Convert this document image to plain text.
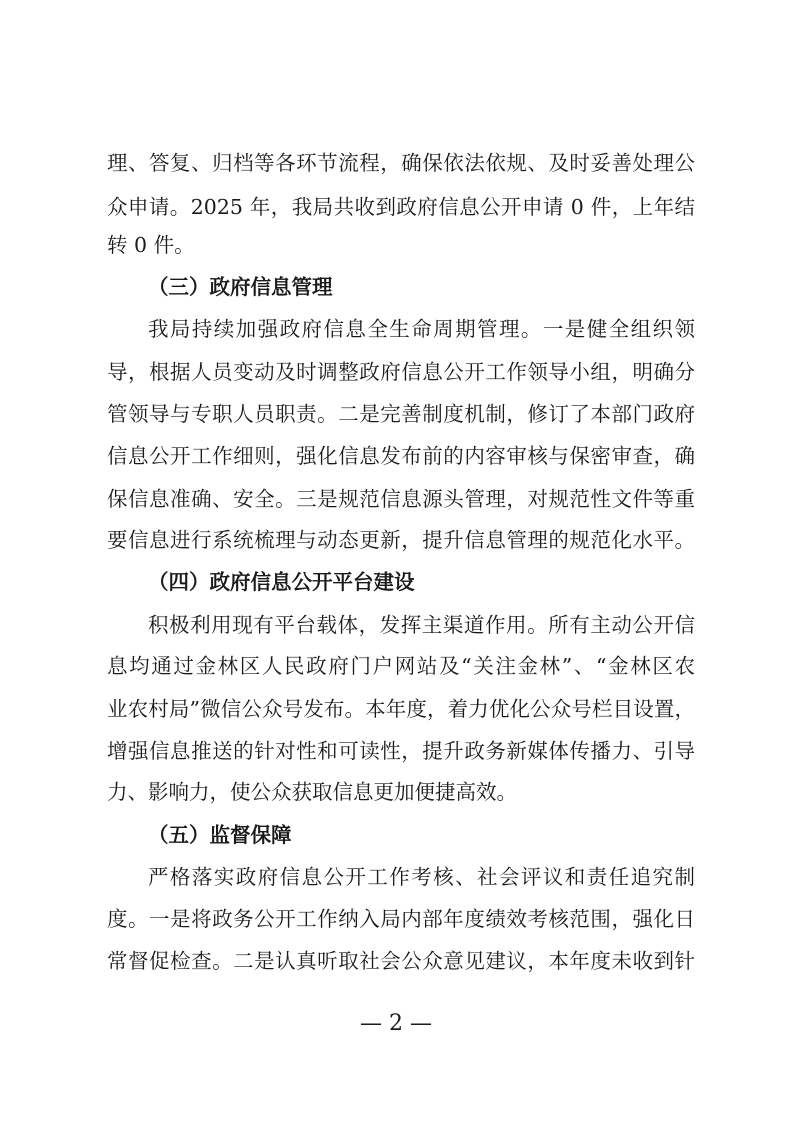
理、答复、归档等各环节流程，确保依法依规、及时妥善处理公
众申请。2025 年，我局共收到政府信息公开申请 0 件，上年结
转 0 件。
（三）政府信息管理
我局持续加强政府信息全生命周期管理。一是健全组织领
导，根据人员变动及时调整政府信息公开工作领导小组，明确分
管领导与专职人员职责。二是完善制度机制，修订了本部门政府
信息公开工作细则，强化信息发布前的内容审核与保密审查，确
保信息准确、安全。三是规范信息源头管理，对规范性文件等重
要信息进行系统梳理与动态更新，提升信息管理的规范化水平。
（四）政府信息公开平台建设
积极利用现有平台载体，发挥主渠道作用。所有主动公开信
息均通过金林区人民政府门户网站及“关注金林”、“金林区农
业农村局”微信公众号发布。本年度，着力优化公众号栏目设置，
增强信息推送的针对性和可读性，提升政务新媒体传播力、引导
力、影响力，使公众获取信息更加便捷高效。
（五）监督保障
严格落实政府信息公开工作考核、社会评议和责任追究制
度。一是将政务公开工作纳入局内部年度绩效考核范围，强化日
常督促检查。二是认真听取社会公众意见建议，本年度未收到针
— 2 —
